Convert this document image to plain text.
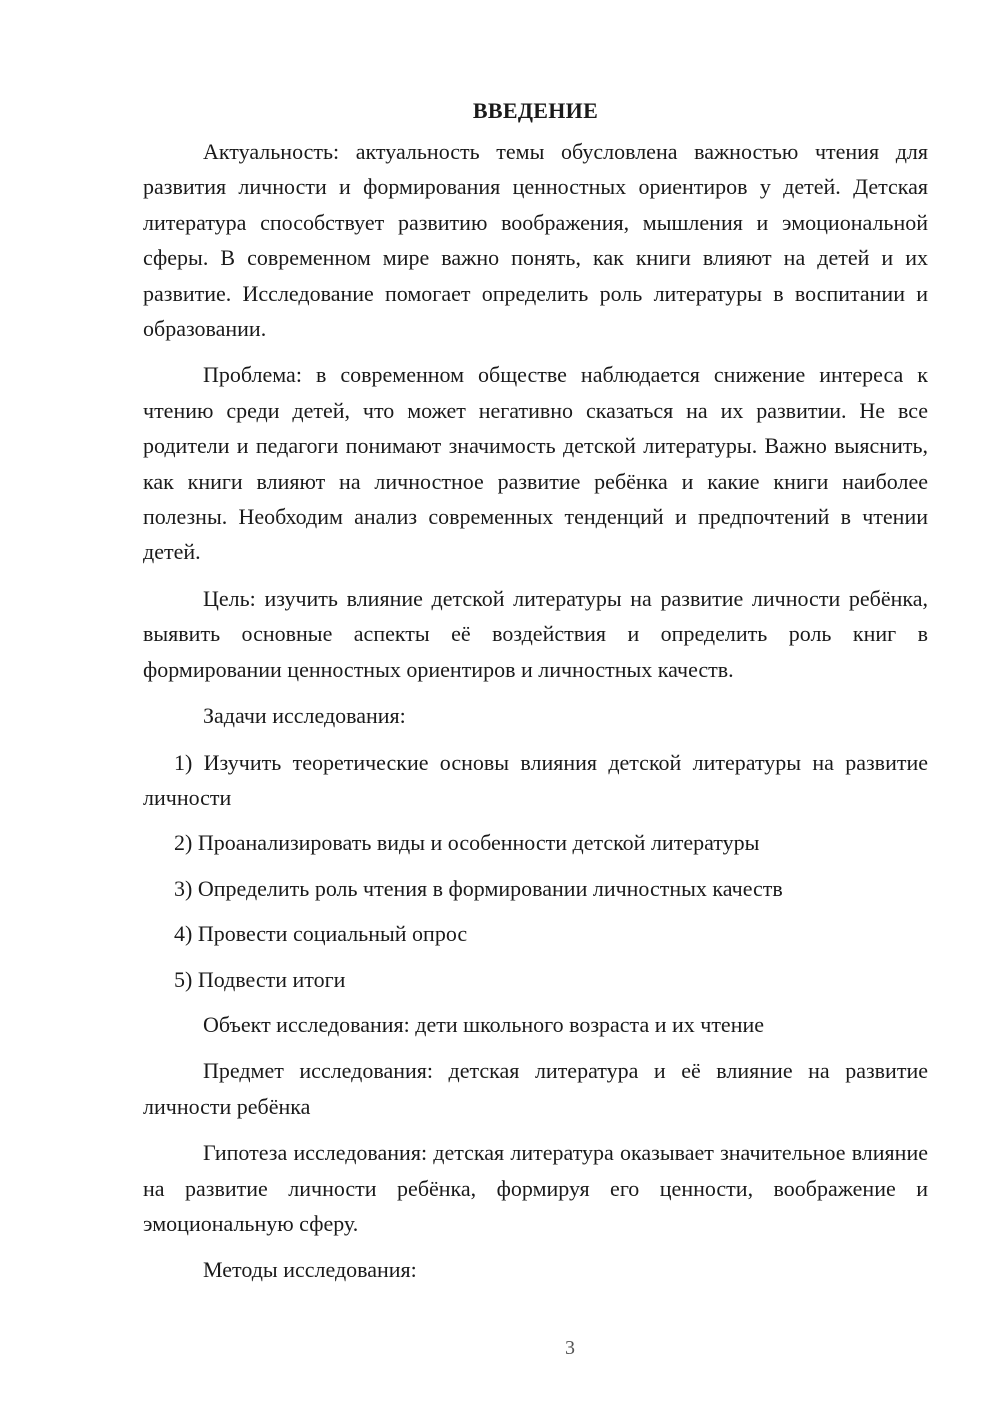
ВВЕДЕНИЕ

Актуальность: актуальность темы обусловлена важностью чтения для развития личности и формирования ценностных ориентиров у детей. Детская литература способствует развитию воображения, мышления и эмоциональной сферы. В современном мире важно понять, как книги влияют на детей и их развитие. Исследование помогает определить роль литературы в воспитании и образовании.

Проблема: в современном обществе наблюдается снижение интереса к чтению среди детей, что может негативно сказаться на их развитии. Не все родители и педагоги понимают значимость детской литературы. Важно выяснить, как книги влияют на личностное развитие ребёнка и какие книги наиболее полезны. Необходим анализ современных тенденций и предпочтений в чтении детей.

Цель: изучить влияние детской литературы на развитие личности ребёнка, выявить основные аспекты её воздействия и определить роль книг в формировании ценностных ориентиров и личностных качеств.

Задачи исследования:

1) Изучить теоретические основы влияния детской литературы на развитие личности

2) Проанализировать виды и особенности детской литературы

3) Определить роль чтения в формировании личностных качеств

4) Провести социальный опрос

5) Подвести итоги

Объект исследования: дети школьного возраста и их чтение

Предмет исследования: детская литература и её влияние на развитие личности ребёнка

Гипотеза исследования: детская литература оказывает значительное влияние на развитие личности ребёнка, формируя его ценности, воображение и эмоциональную сферу.

Методы исследования:

3
